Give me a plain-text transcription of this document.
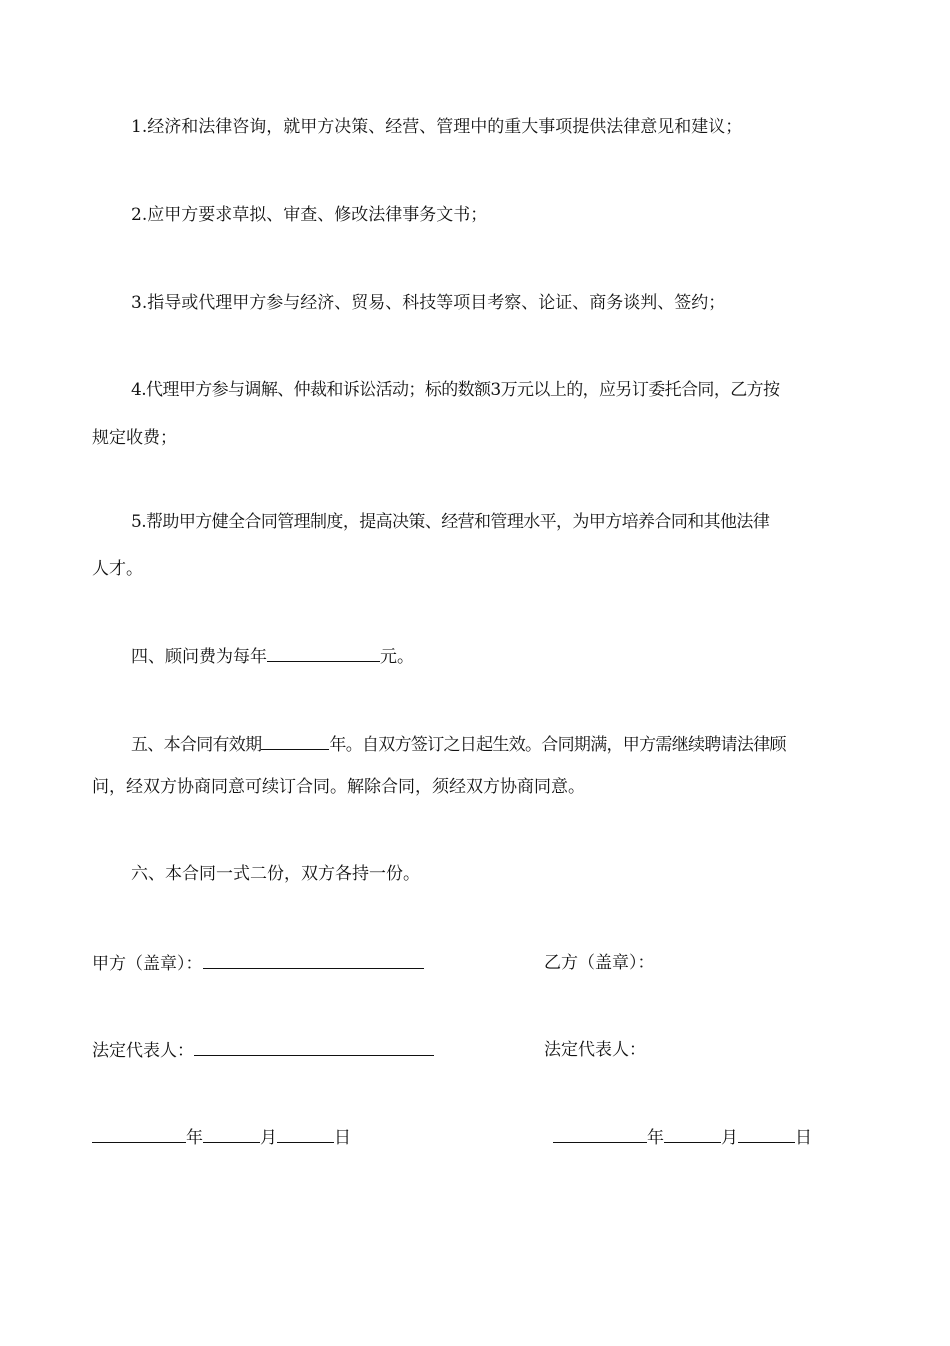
1.经济和法律咨询，就甲方决策、经营、管理中的重大事项提供法律意见和建议；
2.应甲方要求草拟、审查、修改法律事务文书；
3.指导或代理甲方参与经济、贸易、科技等项目考察、论证、商务谈判、签约；
4.代理甲方参与调解、仲裁和诉讼活动；标的数额3万元以上的，应另订委托合同，乙方按
规定收费；
5.帮助甲方健全合同管理制度，提高决策、经营和管理水平，为甲方培养合同和其他法律
人才。
四、顾问费为每年	元。
五、本合同有效期	年。自双方签订之日起生效。合同期满，甲方需继续聘请法律顾
问，经双方协商同意可续订合同。解除合同，须经双方协商同意。
六、本合同一式二份，双方各持一份。
甲方（盖章）：	乙方（盖章）：
法定代表人：	法定代表人：
年	月	日	年	月	日
